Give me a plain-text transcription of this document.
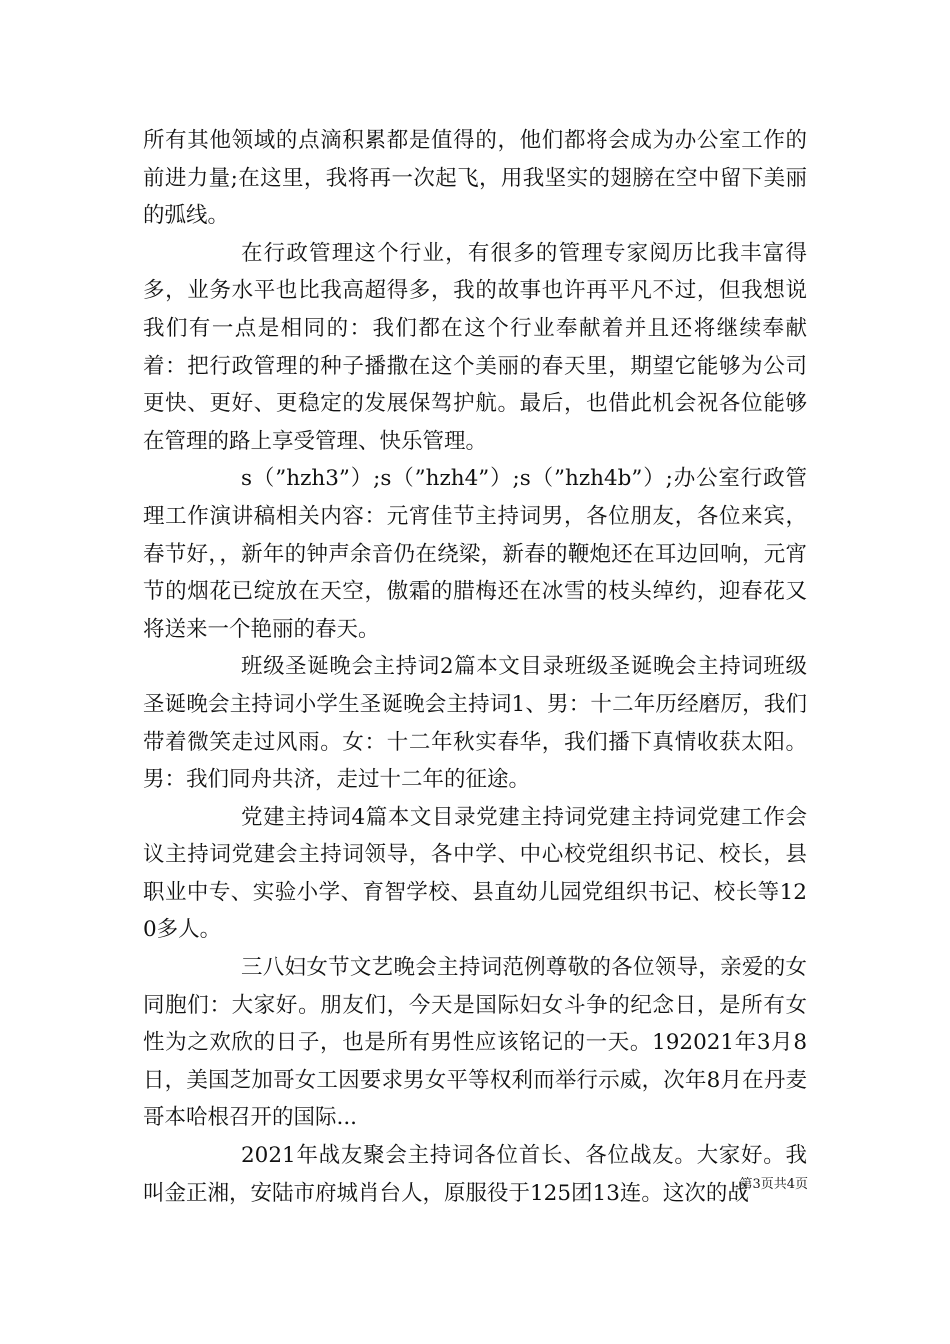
所有其他领域的点滴积累都是值得的，他们都将会成为办公室工作的前进力量;在这里，我将再一次起飞，用我坚实的翅膀在空中留下美丽的弧线。

在行政管理这个行业，有很多的管理专家阅历比我丰富得多，业务水平也比我高超得多，我的故事也许再平凡不过，但我想说我们有一点是相同的：我们都在这个行业奉献着并且还将继续奉献着：把行政管理的种子播撒在这个美丽的春天里，期望它能够为公司更快、更好、更稳定的发展保驾护航。最后，也借此机会祝各位能够在管理的路上享受管理、快乐管理。

s（”hzh3”）;s（”hzh4”）;s（”hzh4b”）;办公室行政管理工作演讲稿相关内容：元宵佳节主持词男，各位朋友，各位来宾，春节好，，新年的钟声余音仍在绕梁，新春的鞭炮还在耳边回响，元宵节的烟花已绽放在天空，傲霜的腊梅还在冰雪的枝头绰约，迎春花又将送来一个艳丽的春天。

班级圣诞晚会主持词2篇本文目录班级圣诞晚会主持词班级圣诞晚会主持词小学生圣诞晚会主持词1、男：十二年历经磨厉，我们带着微笑走过风雨。女：十二年秋实春华，我们播下真情收获太阳。男：我们同舟共济，走过十二年的征途。

党建主持词4篇本文目录党建主持词党建主持词党建工作会议主持词党建会主持词领导，各中学、中心校党组织书记、校长，县职业中专、实验小学、育智学校、县直幼儿园党组织书记、校长等120多人。

三八妇女节文艺晚会主持词范例尊敬的各位领导，亲爱的女同胞们：大家好。朋友们，今天是国际妇女斗争的纪念日，是所有女性为之欢欣的日子，也是所有男性应该铭记的一天。192021年3月8日，美国芝加哥女工因要求男女平等权利而举行示威，次年8月在丹麦哥本哈根召开的国际...

2021年战友聚会主持词各位首长、各位战友。大家好。我叫金正湘，安陆市府城肖台人，原服役于125团13连。这次的战

第3页共4页
